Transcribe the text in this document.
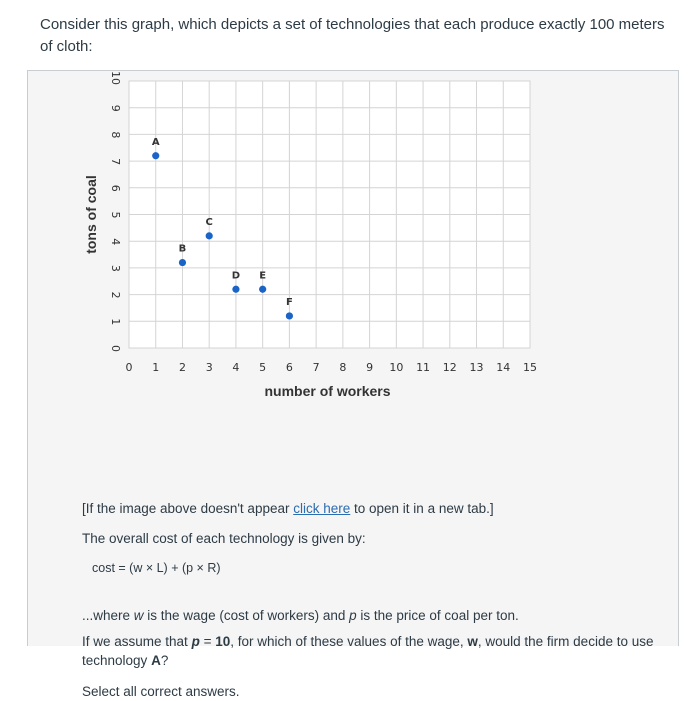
Consider this graph, which depicts a set of technologies that each produce exactly 100 meters of cloth:
0 1 2 3 4 5 6 7 8 9 10 11 12 13 14 15
0
1
2
3
4
5
6
7
8
9
10
A
B
C
D E
F
number of workers
tons of coal
[If the image above doesn't appear click here to open it in a new tab.]
The overall cost of each technology is given by:
cost = (w × L) + (p × R)
...where w is the wage (cost of workers) and p is the price of coal per ton.
If we assume that p = 10, for which of these values of the wage, w, would the firm decide to use technology A?
Select all correct answers.
